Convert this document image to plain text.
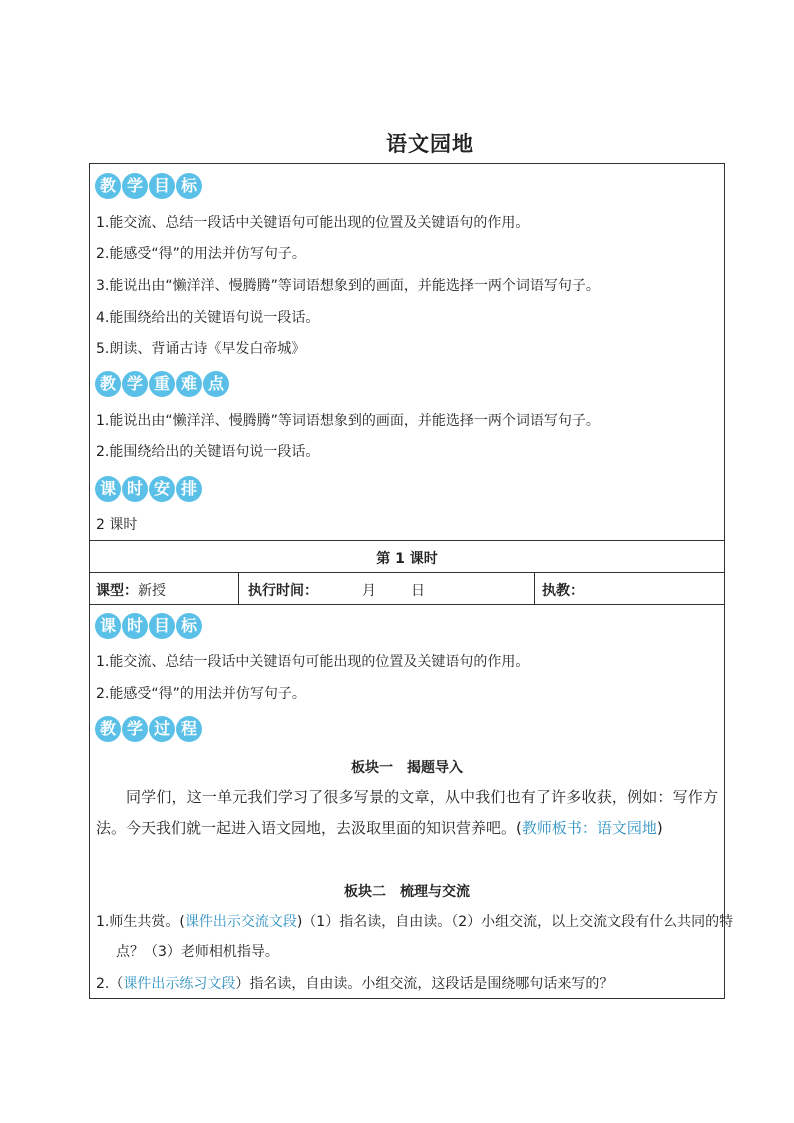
语文园地
教 学 目 标
1.能交流、总结一段话中关键语句可能出现的位置及关键语句的作用。
2.能感受“得”的用法并仿写句子。
3.能说出由“懒洋洋、慢腾腾”等词语想象到的画面，并能选择一两个词语写句子。
4.能围绕给出的关键语句说一段话。
5.朗读、背诵古诗《早发白帝城》
教 学 重 难 点
1.能说出由“懒洋洋、慢腾腾”等词语想象到的画面，并能选择一两个词语写句子。
2.能围绕给出的关键语句说一段话。
课 时 安 排
2 课时
第 1 课时
课型：新授	执行时间：	月	日	执教：
课 时 目 标
1.能交流、总结一段话中关键语句可能出现的位置及关键语句的作用。
2.能感受“得”的用法并仿写句子。
教 学 过 程
板块一　揭题导入
同学们，这一单元我们学习了很多写景的文章，从中我们也有了许多收获，例如：写作方法。今天我们就一起进入语文园地，去汲取里面的知识营养吧。(教师板书：语文园地)
板块二　梳理与交流
1.师生共赏。(课件出示交流文段)（1）指名读，自由读。（2）小组交流，以上交流文段有什么共同的特点？（3）老师相机指导。
2.（课件出示练习文段）指名读，自由读。小组交流，这段话是围绕哪句话来写的？
